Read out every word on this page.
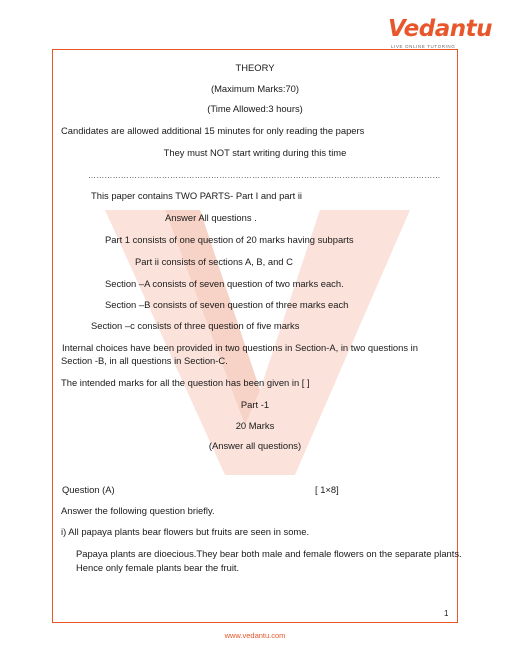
Vedantu
LIVE ONLINE TUTORING
THEORY
(Maximum Marks:70)
(Time Allowed:3 hours)
Candidates are allowed additional 15 minutes for only reading the papers
They must NOT start writing during this time
…………………………………………………………………………………………………………………
This paper contains TWO PARTS- Part I and part ii
Answer All questions .
Part 1 consists of one question of 20 marks having subparts
Part ii consists of sections A, B, and C
Section –A consists of seven question of two marks each.
Section –B consists of seven question of three marks each
Section –c consists of three question of five marks
Internal choices have been provided in two questions in Section-A, in two questions in
Section -B, in all questions in Section-C.
The intended marks for all the question has been given in [ ]
Part -1
20 Marks
(Answer all questions)
Question (A)	[ 1×8]
Answer the following question briefly.
i) All papaya plants bear flowers but fruits are seen in some.
Papaya plants are dioecious.They bear both male and female flowers on the separate plants.
Hence only female plants bear the fruit.
1
www.vedantu.com
